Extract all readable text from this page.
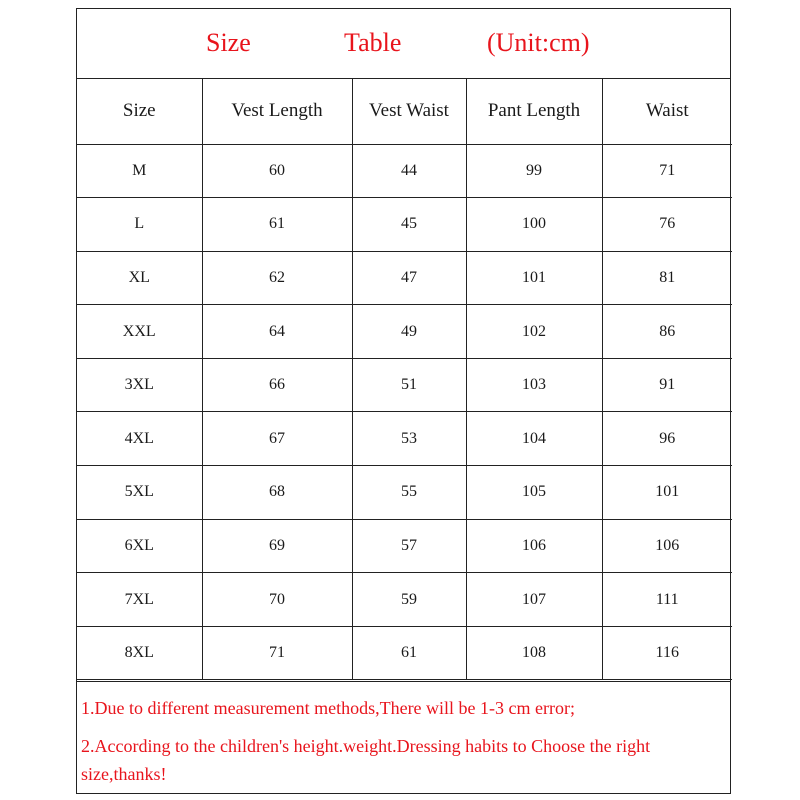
Size	Table	(Unit:cm)
Size	Vest Length	Vest Waist	Pant Length	Waist
M	60	44	99	71
L	61	45	100	76
XL	62	47	101	81
XXL	64	49	102	86
3XL	66	51	103	91
4XL	67	53	104	96
5XL	68	55	105	101
6XL	69	57	106	106
7XL	70	59	107	111
8XL	71	61	108	116

1.Due to different measurement methods,There will be 1-3 cm error;

2.According to the children's height.weight.Dressing habits to Choose the right size,thanks!
